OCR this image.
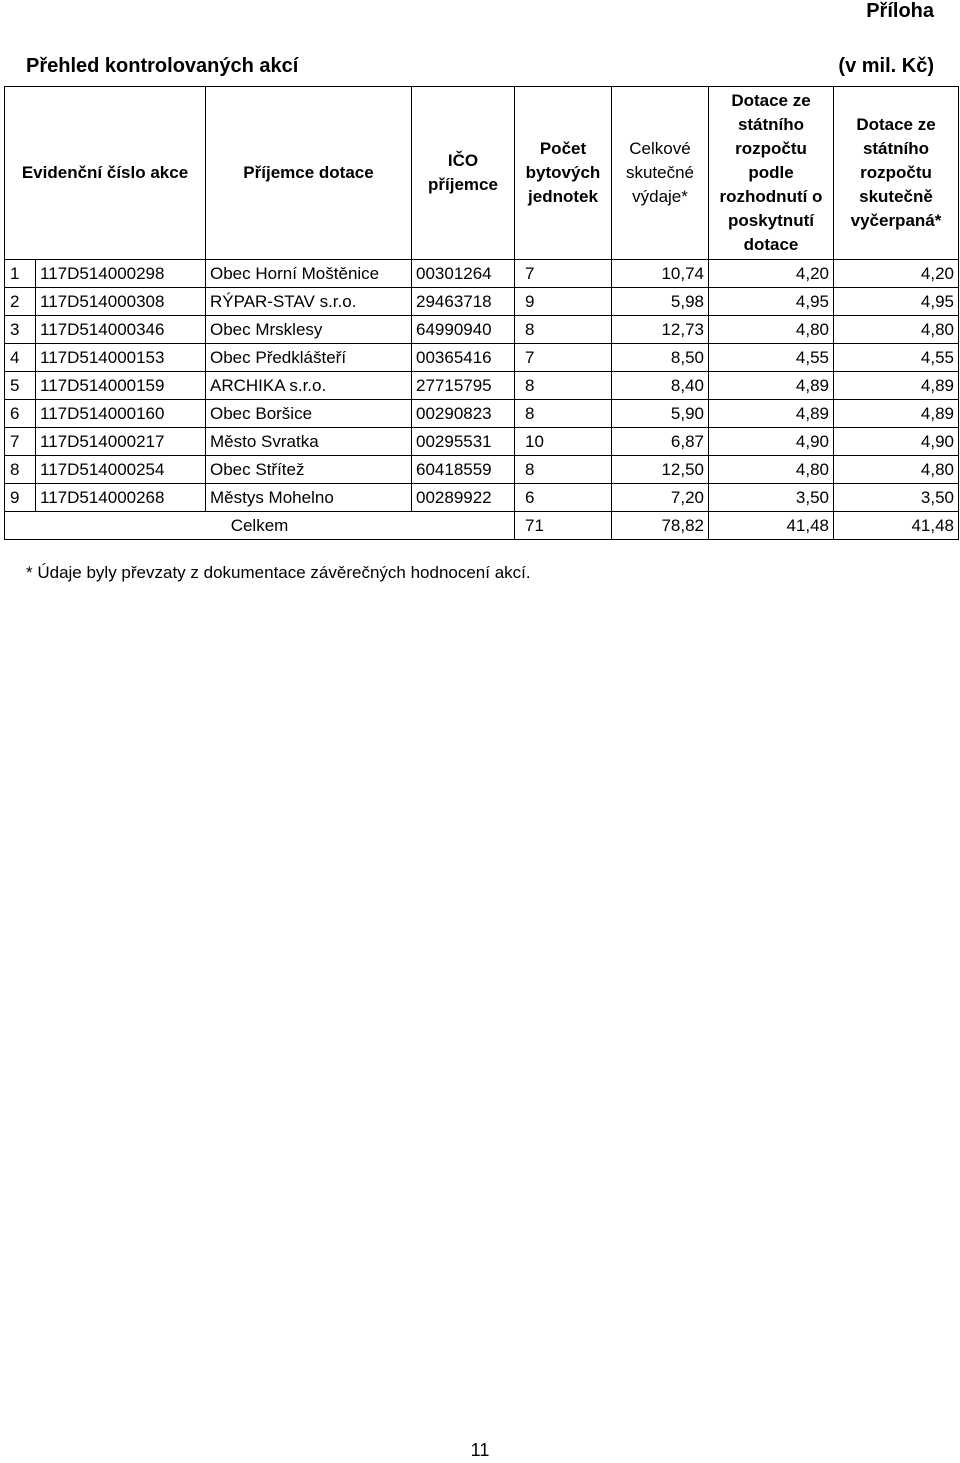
Příloha
Přehled kontrolovaných akcí	(v mil. Kč)
Evidenční číslo akce		Příjemce dotace	IČO příjemce	Počet bytových jednotek	Celkové skutečné výdaje*	Dotace ze státního rozpočtu podle rozhodnutí o poskytnutí dotace	Dotace ze státního rozpočtu skutečně vyčerpaná*
1	117D514000298	Obec Horní Moštěnice	00301264	7	10,74	4,20	4,20
2	117D514000308	RÝPAR-STAV s.r.o.	29463718	9	5,98	4,95	4,95
3	117D514000346	Obec Mrsklesy	64990940	8	12,73	4,80	4,80
4	117D514000153	Obec Předklášteří	00365416	7	8,50	4,55	4,55
5	117D514000159	ARCHIKA s.r.o.	27715795	8	8,40	4,89	4,89
6	117D514000160	Obec Boršice	00290823	8	5,90	4,89	4,89
7	117D514000217	Město Svratka	00295531	10	6,87	4,90	4,90
8	117D514000254	Obec Střítež	60418559	8	12,50	4,80	4,80
9	117D514000268	Městys Mohelno	00289922	6	7,20	3,50	3,50
Celkem				71	78,82	41,48	41,48
* Údaje byly převzaty z dokumentace závěrečných hodnocení akcí.
11
